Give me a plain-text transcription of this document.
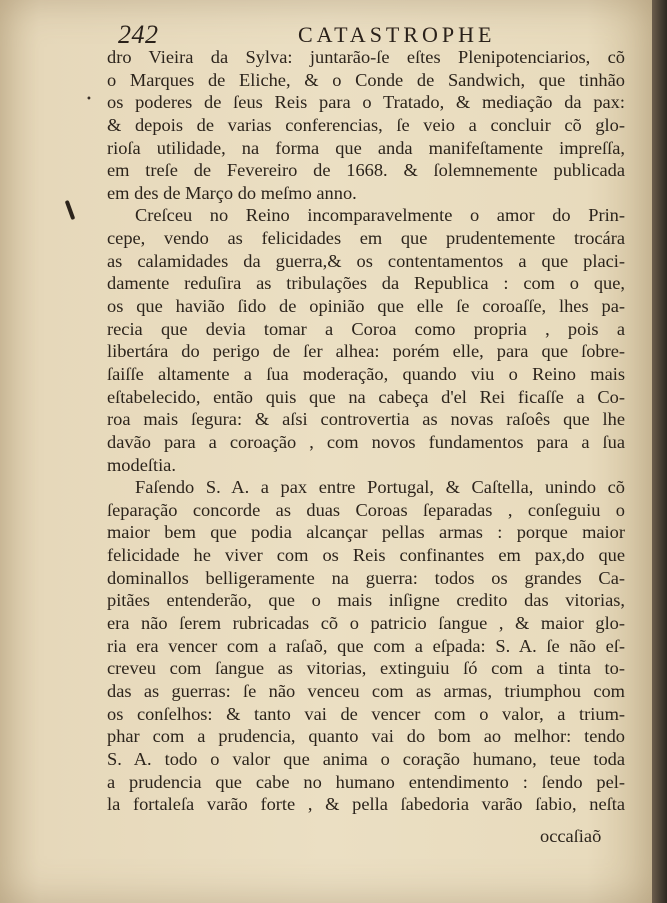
242	CATASTROPHE
•
dro Vieira da Sylva: juntarão-ſe eſtes Plenipotenciarios, cõ
o Marques de Eliche, & o Conde de Sandwich, que tinhão
os poderes de ſeus Reis para o Tratado, & mediação da pax:
& depois de varias conferencias, ſe veio a concluir cõ glo-
rioſa utilidade, na forma que anda manifeſtamente impreſſa,
em treſe de Fevereiro de 1668. & ſolemnemente publicada
em des de Março do meſmo anno.
Creſceu no Reino incomparavelmente o amor do Prin-
cepe, vendo as felicidades em que prudentemente trocára
as calamidades da guerra,& os contentamentos a que placi-
damente reduſira as tribulações da Republica : com o que,
os que havião ſido de opinião que elle ſe coroaſſe, lhes pa-
recia que devia tomar a Coroa como propria , pois a
libertára do perigo de ſer alhea: porém elle, para que ſobre-
ſaiſſe altamente a ſua moderação, quando viu o Reino mais
eſtabelecido, então quis que na cabeça d'el Rei ficaſſe a Co-
roa mais ſegura: & aſsi controvertia as novas raſoês que lhe
davão para a coroação , com novos fundamentos para a ſua
modeſtia.
Faſendo S. A. a pax entre Portugal, & Caſtella, unindo cõ
ſeparação concorde as duas Coroas ſeparadas , conſeguiu o
maior bem que podia alcançar pellas armas : porque maior
felicidade he viver com os Reis confinantes em pax,do que
dominallos belligeramente na guerra: todos os grandes Ca-
pitães entenderão, que o mais inſigne credito das vitorias,
era não ſerem rubricadas cõ o patricio ſangue , & maior glo-
ria era vencer com a raſaõ, que com a eſpada: S. A. ſe não eſ-
creveu com ſangue as vitorias, extinguiu ſó com a tinta to-
das as guerras: ſe não venceu com as armas, triumphou com
os conſelhos: & tanto vai de vencer com o valor, a trium-
phar com a prudencia, quanto vai do bom ao melhor: tendo
S. A. todo o valor que anima o coração humano, teue toda
a prudencia que cabe no humano entendimento : ſendo pel-
la fortaleſa varão forte , & pella ſabedoria varão ſabio, neſta
occaſiaõ
